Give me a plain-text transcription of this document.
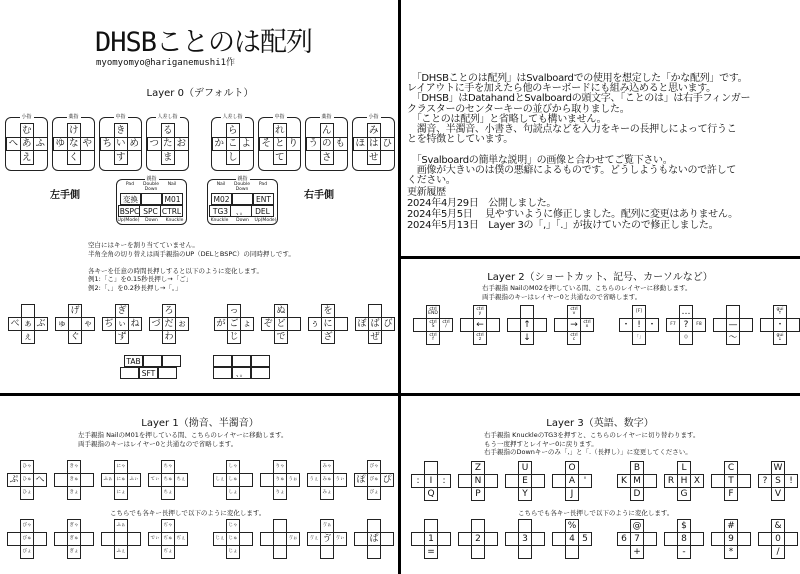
DHSBことのは配列
myomyomyo@hariganemushi1作
Layer 0（デフォルト）
左手側	右手側
空白にはキーを割り当てていません。
半角全角の切り替えは両手親指のUP（DELとBSPC）の同時押しです。

各キーを任意の時間長押しすると以下のように変化します。
例1:「こ」を0.15秒長押し→「ご」
例2:「、」を0.2秒長押し→「。」
　「DHSBことのは配列」はSvalboardでの使用を想定した「かな配列」です。
レイアウトに手を加えたら他のキーボードにも組み込めると思います。
　「DHSB」はDatahandとSvalboardの頭文字、「ことのは」は右手フィンガー
クラスターのセンターキーの並びから取りました。
　「ことのは配列」と省略しても構いません。
　濁音、半濁音、小書き、句読点などを入力をキーの長押しによって行うこ
とを特徴としています。

　「Svalboardの簡単な説明」の画像と合わせてご覧下さい。
　画像が大きいのは僕の悪癖によるものです。どうしようもないので許して
ください。
更新履歴
2024年4月29日　公開しました。
2024年5月5日　 見やすいように修正しました。配列に変更はありません。
2024年5月13日　Layer 3の「,」「.」が抜けていたので修正しました。
Layer 2（ショートカット、記号、カーソルなど）
右手親指 NailのM02を押している間、こちらのレイヤーに移動します。
両手親指のキーはレイヤー0と共通なので省略します。
Layer 1（拗音、半濁音）
左手親指 NailのM01を押している間、こちらのレイヤーに移動します。
両手親指のキーはレイヤー0と共通なので省略します。
こちらでも各キー長押しで以下のように変化します。
Layer 3（英語、数字）
右手親指 KnuckleのTG3を押すと、こちらのレイヤーに切り替わります。
もう一度押すとレイヤー0に戻ります。
右手親指のDownキーのみ「,」と「.（長押し）」に変更してください。
こちらでも各キー長押しで以下のように変化します。
小指
む
へ あ ふ
え
薬指
け
ゆ な や
く
中指
き
ち い め
す
人差し指
る
つ た お
ま
人差し指
ら
か こ よ
し
中指
れ
そ と り
て
薬指
ん
う の も
さ
小指
み
ほ は ひ
せ
親指
Pad	Double
Down
Nail
Up(Mode)	Down	Knuckle
変換	M01
BSPC SPC CTRL
親指
Nail	Double
Down
Pad
Knuckle	Down	Up(Mode)
M02	ENT
TG3	、。	DEL
べ ぁ ぶ
ぇ
げ
ゅ ゃ
ぐ
ぎ
ぢ ぃ ね
ず
ろ
づ だ ぉ
わ
っ
が ご ょ
じ
ぬ
ぞ ど
で
を
ぅ に
ざ
ぼ ば び
ぜ
TAB
SFT	、。
ctrl
END
ctrl
S
ctrl
/
ctrl
f
ctrl
y
←
ctrl
z
↑
↓
ctrl
v
→	ctrl
x
ctrl
c
[F]
・ ! ・
「」
…
F7 ?	F8
()
—
〜
gui
↑
・
gui
↓
ひゃ
ぷ ひゅ へ
ひょ
きゃ
きゅ
きょ
にゃ
ふぁ にゅ ふぃ
にょ
ちゃ
てぃ ちゅ ちぇ
ちょ
しゃ
しぇ しゅ
しょ
りゃ
りゅ うぉ
りょ
みゃ
うぇ みゅ うぃ
みょ
ぴゃ
ぽ ぴゅ ぴ
ぴょ
びゃ
びゅ
びょ
ぎゃ
ぎゅ
ぎょ
ふぁ
ふぇ
ぢゃ
でぃ ぢゅ ぢぇ
ぢょ
じゃ
じぇ じゅ
じょ
ゔぉ
ゔぁ
ゔぇ ゔ ゔぃ	ぱ
:	I	:
Q
Z
N
P
U
E
Y
O
A '
J
B
K M
D
L
R H X
G
C
T
F
W
? S !
V
1
=
2	3
%
4 5
@
6 7
+
$
8
-
#
9
*
&
0
/
